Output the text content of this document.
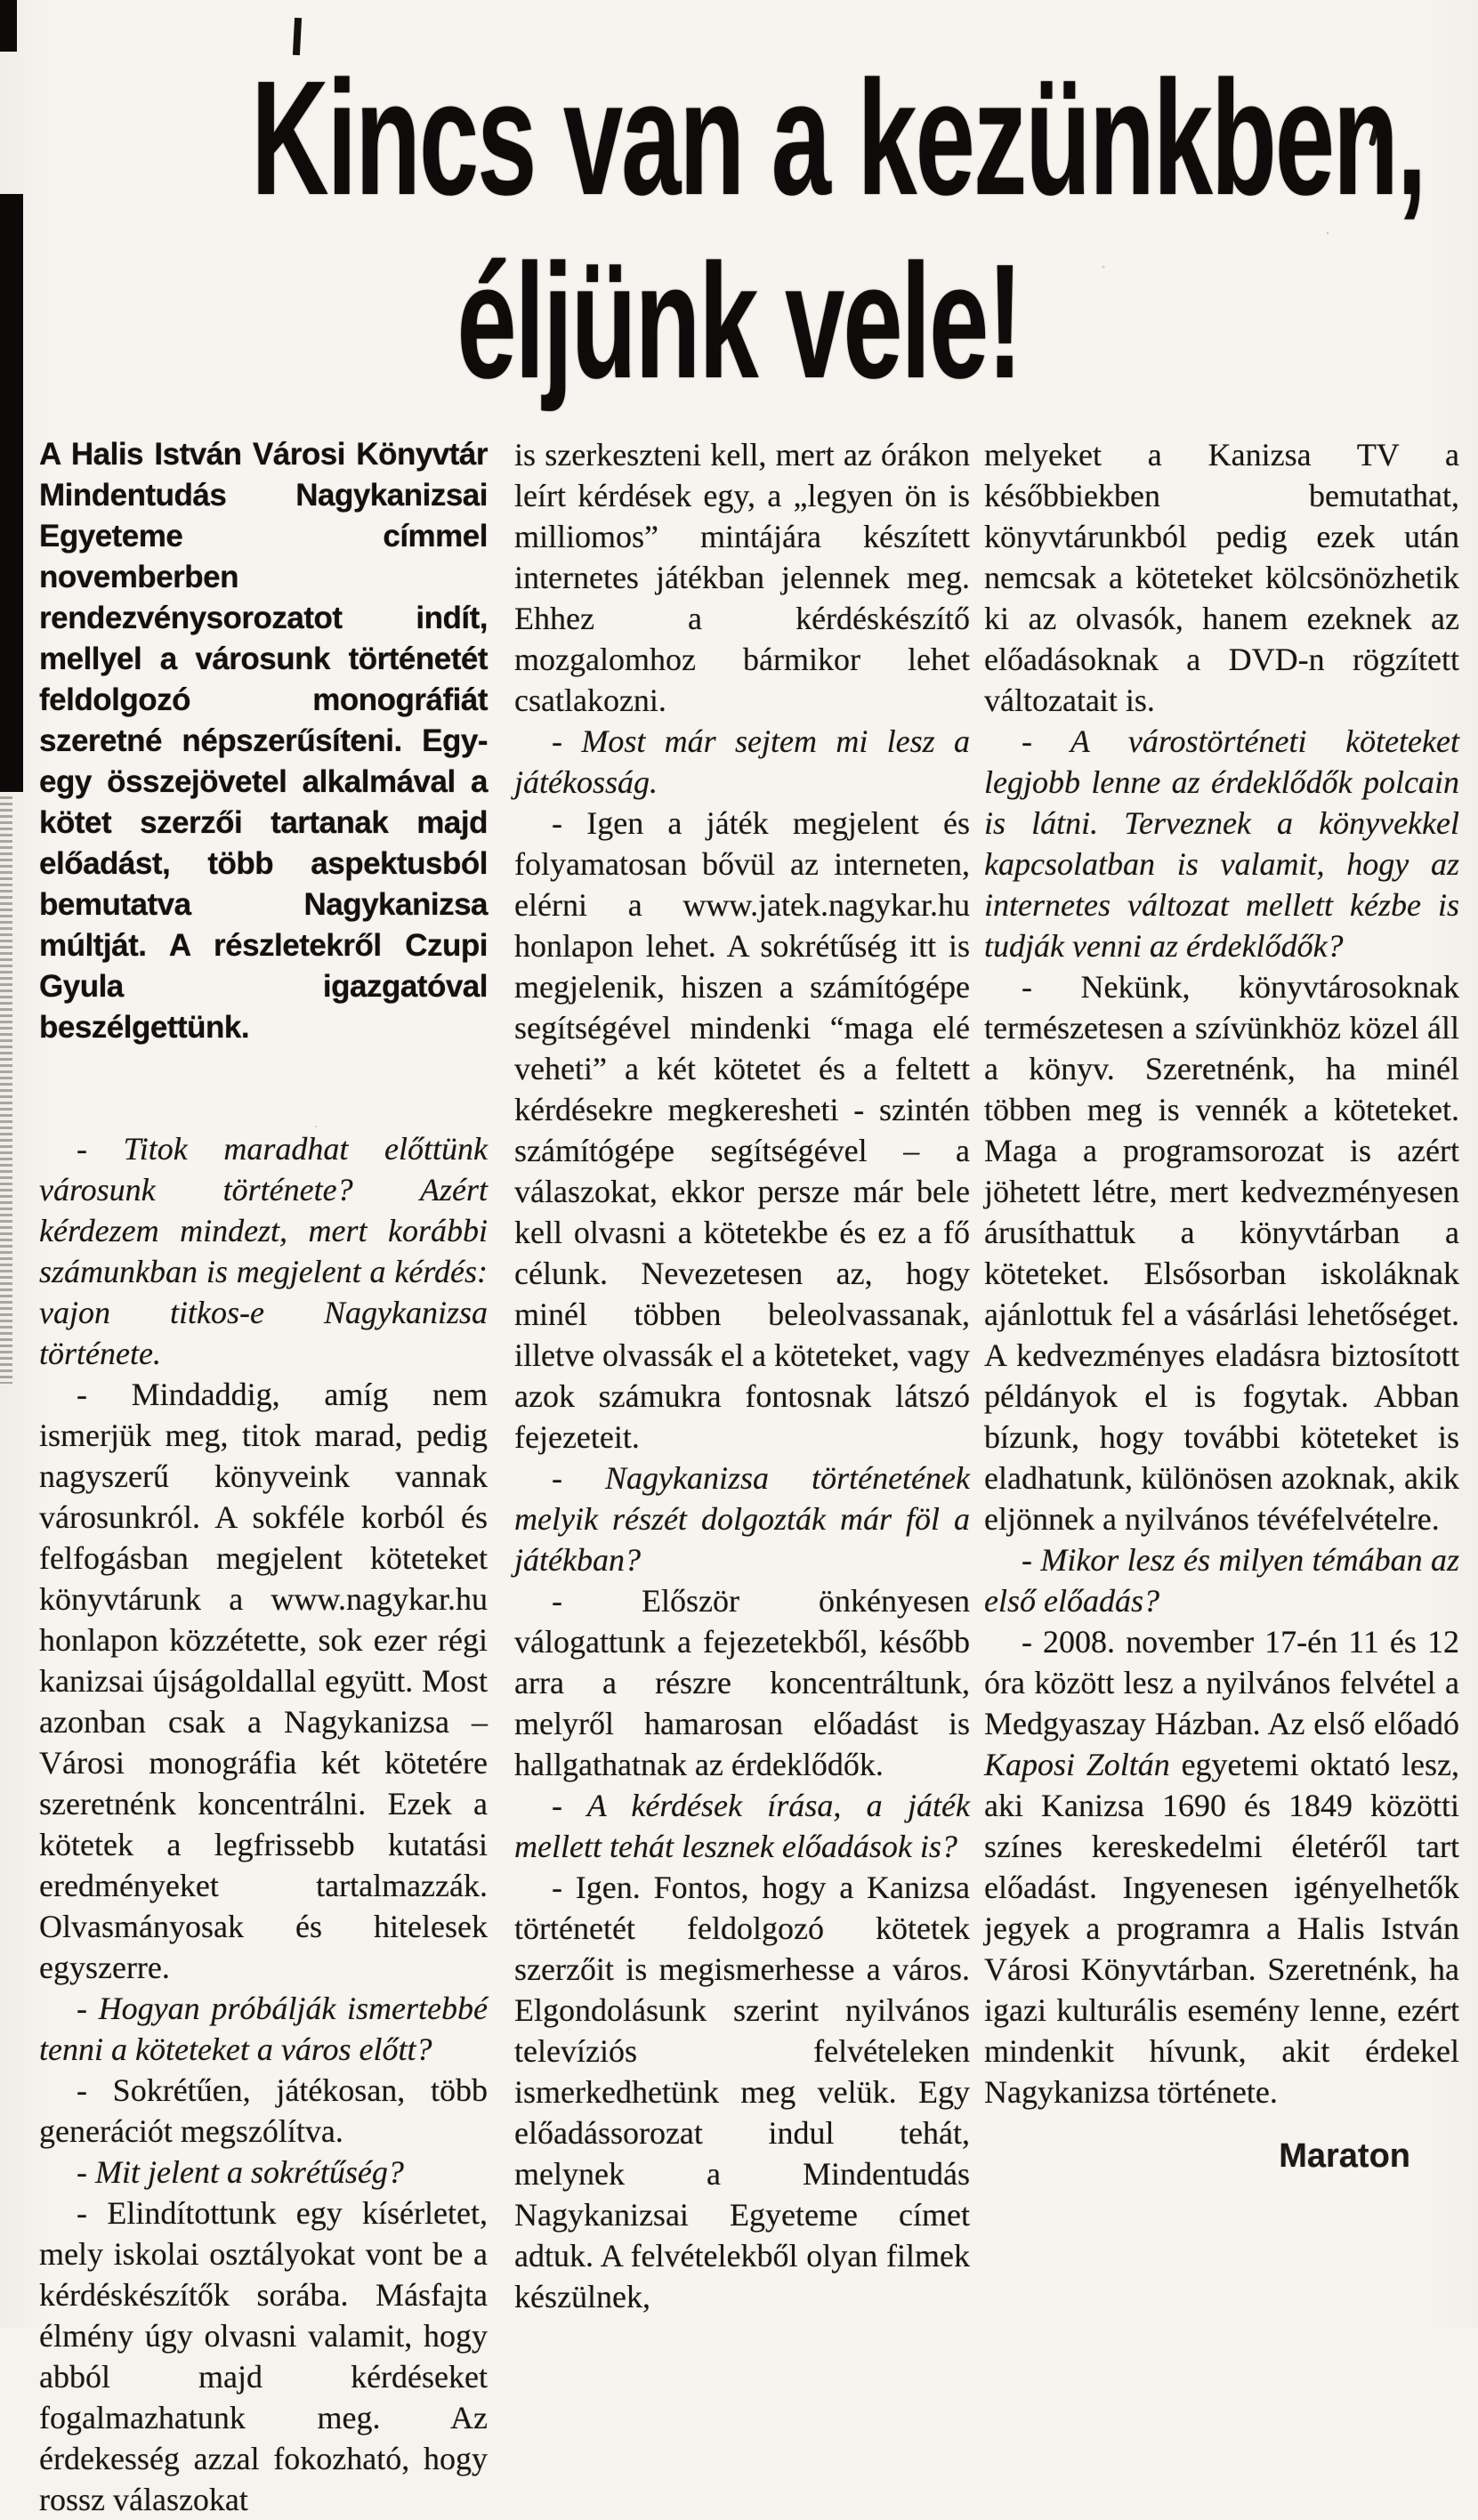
Kincs van a kezünkben,
éljünk vele!

A Halis István Városi Könyvtár Mindentudás Nagykanizsai Egyeteme címmel novemberben rendezvénysorozatot indít, mellyel a városunk történetét feldolgozó monográfiát szeretné népszerűsíteni. Egy-egy összejövetel alkalmával a kötet szerzői tartanak majd előadást, több aspektusból bemutatva Nagykanizsa múltját. A részletekről Czupi Gyula igazgatóval beszélgettünk.

- Titok maradhat előttünk városunk története? Azért kérdezem mindezt, mert korábbi számunkban is megjelent a kérdés: vajon titkos-e Nagykanizsa története.

- Mindaddig, amíg nem ismerjük meg, titok marad, pedig nagyszerű könyveink vannak városunkról. A sokféle korból és felfogásban megjelent köteteket könyvtárunk a www.nagykar.hu honlapon közzétette, sok ezer régi kanizsai újságoldallal együtt. Most azonban csak a Nagykanizsa – Városi monográfia két kötetére szeretnénk koncentrálni. Ezek a kötetek a legfrissebb kutatási eredményeket tartalmazzák. Olvasmányosak és hitelesek egyszerre.

- Hogyan próbálják ismertebbé tenni a köteteket a város előtt?

- Sokrétűen, játékosan, több generációt megszólítva.

- Mit jelent a sokrétűség?

- Elindítottunk egy kísérletet, mely iskolai osztályokat vont be a kérdéskészítők sorába. Másfajta élmény úgy olvasni valamit, hogy abból majd kérdéseket fogalmazhatunk meg. Az érdekesség azzal fokozható, hogy rossz válaszokat

is szerkeszteni kell, mert az órákon leírt kérdések egy, a „legyen ön is milliomos” mintájára készített internetes játékban jelennek meg. Ehhez a kérdéskészítő mozgalomhoz bármikor lehet csatlakozni.

- Most már sejtem mi lesz a játékosság.

- Igen a játék megjelent és folyamatosan bővül az interneten, elérni a www.jatek.nagykar.hu honlapon lehet. A sokrétűség itt is megjelenik, hiszen a számítógépe segítségével mindenki “maga elé veheti” a két kötetet és a feltett kérdésekre megkeresheti - szintén számítógépe segítségével – a válaszokat, ekkor persze már bele kell olvasni a kötetekbe és ez a fő célunk. Nevezetesen az, hogy minél többen beleolvassanak, illetve olvassák el a köteteket, vagy azok számukra fontosnak látszó fejezeteit.

- Nagykanizsa történetének melyik részét dolgozták már föl a játékban?

- Először önkényesen válogattunk a fejezetekből, később arra a részre koncentráltunk, melyről hamarosan előadást is hallgathatnak az érdeklődők.

- A kérdések írása, a játék mellett tehát lesznek előadások is?

- Igen. Fontos, hogy a Kanizsa történetét feldolgozó kötetek szerzőit is megismerhesse a város. Elgondolásunk szerint nyilvános televíziós felvételeken ismerkedhetünk meg velük. Egy előadássorozat indul tehát, melynek a Mindentudás Nagykanizsai Egyeteme címet adtuk. A felvételekből olyan filmek készülnek,

melyeket a Kanizsa TV a későbbiekben bemutathat, könyvtárunkból pedig ezek után nemcsak a köteteket kölcsönözhetik ki az olvasók, hanem ezeknek az előadásoknak a DVD-n rögzített változatait is.

- A várostörténeti köteteket legjobb lenne az érdeklődők polcain is látni. Terveznek a könyvekkel kapcsolatban is valamit, hogy az internetes változat mellett kézbe is tudják venni az érdeklődők?

- Nekünk, könyvtárosoknak természetesen a szívünkhöz közel áll a könyv. Szeretnénk, ha minél többen meg is vennék a köteteket. Maga a programsorozat is azért jöhetett létre, mert kedvezményesen árusíthattuk a könyvtárban a köteteket. Elsősorban iskoláknak ajánlottuk fel a vásárlási lehetőséget. A kedvezményes eladásra biztosított példányok el is fogytak. Abban bízunk, hogy további köteteket is eladhatunk, különösen azoknak, akik eljönnek a nyilvános tévéfelvételre.

- Mikor lesz és milyen témában az első előadás?

- 2008. november 17-én 11 és 12 óra között lesz a nyilvános felvétel a Medgyaszay Házban. Az első előadó Kaposi Zoltán egyetemi oktató lesz, aki Kanizsa 1690 és 1849 közötti színes kereskedelmi életéről tart előadást. Ingyenesen igényelhetők jegyek a programra a Halis István Városi Könyvtárban. Szeretnénk, ha igazi kulturális esemény lenne, ezért mindenkit hívunk, akit érdekel Nagykanizsa története.

Maraton
